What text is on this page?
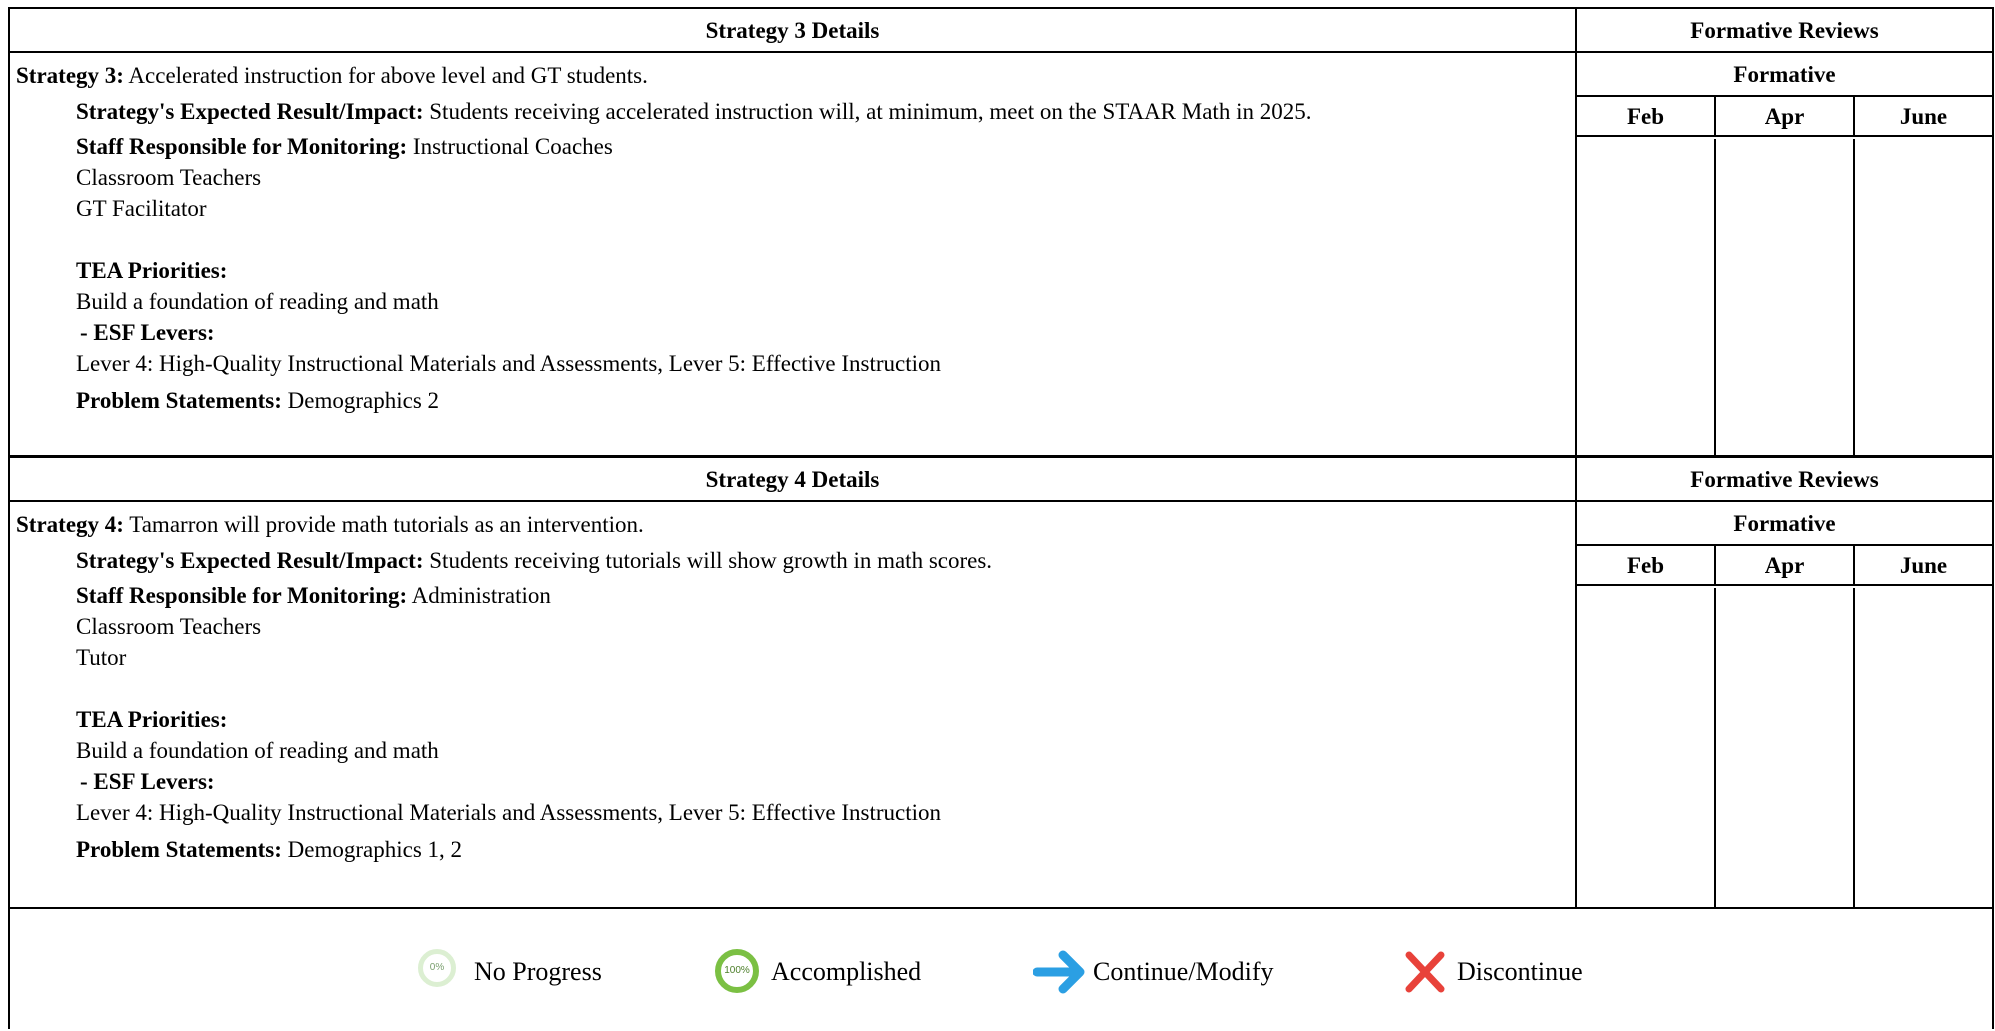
Strategy 3 Details
Strategy 3: Accelerated instruction for above level and GT students.
Strategy's Expected Result/Impact: Students receiving accelerated instruction will, at minimum, meet on the STAAR Math in 2025.
Staff Responsible for Monitoring: Instructional Coaches
Classroom Teachers
GT Facilitator
TEA Priorities:
Build a foundation of reading and math
- ESF Levers:
Lever 4: High-Quality Instructional Materials and Assessments, Lever 5: Effective Instruction
Problem Statements: Demographics 2
Formative Reviews
Formative
Feb	Apr	June
Strategy 4 Details
Strategy 4: Tamarron will provide math tutorials as an intervention.
Strategy's Expected Result/Impact: Students receiving tutorials will show growth in math scores.
Staff Responsible for Monitoring: Administration
Classroom Teachers
Tutor
TEA Priorities:
Build a foundation of reading and math
- ESF Levers:
Lever 4: High-Quality Instructional Materials and Assessments, Lever 5: Effective Instruction
Problem Statements: Demographics 1, 2
Formative Reviews
Formative
Feb	Apr	June
0%	No Progress	100% Accomplished	Continue/Modify	Discontinue
